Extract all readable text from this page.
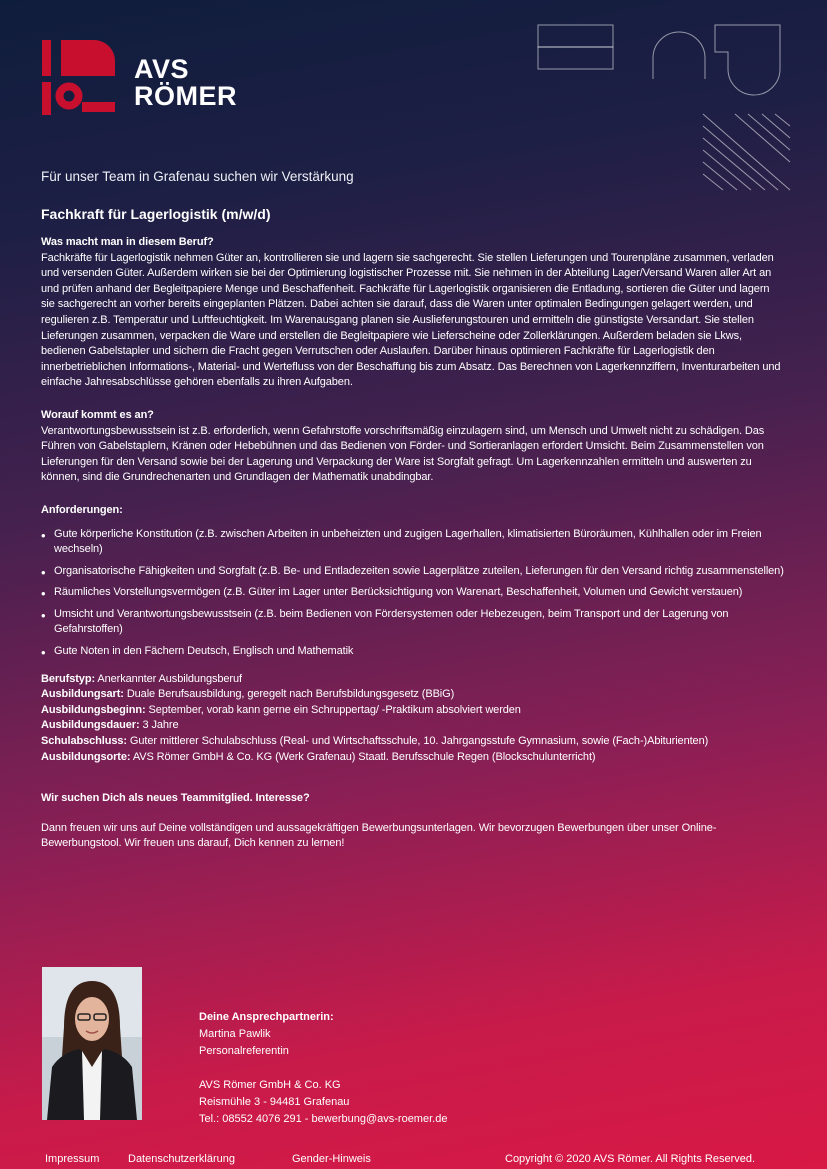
AVS
RÖMER
Für unser Team in Grafenau suchen wir Verstärkung
Fachkraft für Lagerlogistik (m/w/d)

Was macht man in diesem Beruf?

Fachkräfte für Lagerlogistik nehmen Güter an, kontrollieren sie und lagern sie sachgerecht. Sie stellen Lieferungen und Tourenpläne zusammen, verladen und versenden Güter. Außerdem wirken sie bei der Optimierung logistischer Prozesse mit. Sie nehmen in der Abteilung Lager/Versand Waren aller Art an und prüfen anhand der Begleitpapiere Menge und Beschaffenheit. Fachkräfte für Lagerlogistik organisieren die Entladung, sortieren die Güter und lagern sie sachgerecht an vorher bereits eingeplanten Plätzen. Dabei achten sie darauf, dass die Waren unter optimalen Bedingungen gelagert werden, und regulieren z.B. Temperatur und Luftfeuchtigkeit. Im Warenausgang planen sie Auslieferungstouren und ermitteln die günstigste Versandart. Sie stellen Lieferungen zusammen, verpacken die Ware und erstellen die Begleitpapiere wie Lieferscheine oder Zollerklärungen. Außerdem beladen sie Lkws, bedienen Gabelstapler und sichern die Fracht gegen Verrutschen oder Auslaufen. Darüber hinaus optimieren Fachkräfte für Lagerlogistik den innerbetrieblichen Informations-, Material- und Wertefluss von der Beschaffung bis zum Absatz. Das Berechnen von Lagerkennziffern, Inventurarbeiten und einfache Jahresabschlüsse gehören ebenfalls zu ihren Aufgaben.

Worauf kommt es an?

Verantwortungsbewusstsein ist z.B. erforderlich, wenn Gefahrstoffe vorschriftsmäßig einzulagern sind, um Mensch und Umwelt nicht zu schädigen. Das Führen von Gabelstaplern, Kränen oder Hebebühnen und das Bedienen von Förder- und Sortieranlagen erfordert Umsicht. Beim Zusammenstellen von Lieferungen für den Versand sowie bei der Lagerung und Verpackung der Ware ist Sorgfalt gefragt. Um Lagerkennzahlen ermitteln und auswerten zu können, sind die Grundrechenarten und Grundlagen der Mathematik unabdingbar.

Anforderungen:

• Gute körperliche Konstitution (z.B. zwischen Arbeiten in unbeheizten und zugigen Lagerhallen, klimatisierten Büroräumen, Kühlhallen oder im Freien wechseln)
• Organisatorische Fähigkeiten und Sorgfalt (z.B. Be- und Entladezeiten sowie Lagerplätze zuteilen, Lieferungen für den Versand richtig zusammenstellen)
• Räumliches Vorstellungsvermögen (z.B. Güter im Lager unter Berücksichtigung von Warenart, Beschaffenheit, Volumen und Gewicht verstauen)
• Umsicht und Verantwortungsbewusstsein (z.B. beim Bedienen von Fördersystemen oder Hebezeugen, beim Transport und der Lagerung von Gefahrstoffen)
• Gute Noten in den Fächern Deutsch, Englisch und Mathematik

Berufstyp: Anerkannter Ausbildungsberuf

Ausbildungsart: Duale Berufsausbildung, geregelt nach Berufsbildungsgesetz (BBiG)

Ausbildungsbeginn: September, vorab kann gerne ein Schruppertag/ -Praktikum absolviert werden

Ausbildungsdauer: 3 Jahre

Schulabschluss: Guter mittlerer Schulabschluss (Real- und Wirtschaftsschule, 10. Jahrgangsstufe Gymnasium, sowie (Fach-)Abiturienten)

Ausbildungsorte: AVS Römer GmbH & Co. KG (Werk Grafenau) Staatl. Berufsschule Regen (Blockschulunterricht)

Wir suchen Dich als neues Teammitglied. Interesse?

Dann freuen wir uns auf Deine vollständigen und aussagekräftigen Bewerbungsunterlagen. Wir bevorzugen Bewerbungen über unser Online-Bewerbungstool. Wir freuen uns darauf, Dich kennen zu lernen!

Deine Ansprechpartnerin:
Martina Pawlik
Personalreferentin
AVS Römer GmbH & Co. KG
Reismühle 3 - 94481 Grafenau
Tel.: 08552 4076 291 - bewerbung@avs-roemer.de
Impressum	Datenschutzerklärung	Gender-Hinweis	Copyright © 2020 AVS Römer. All Rights Reserved.
